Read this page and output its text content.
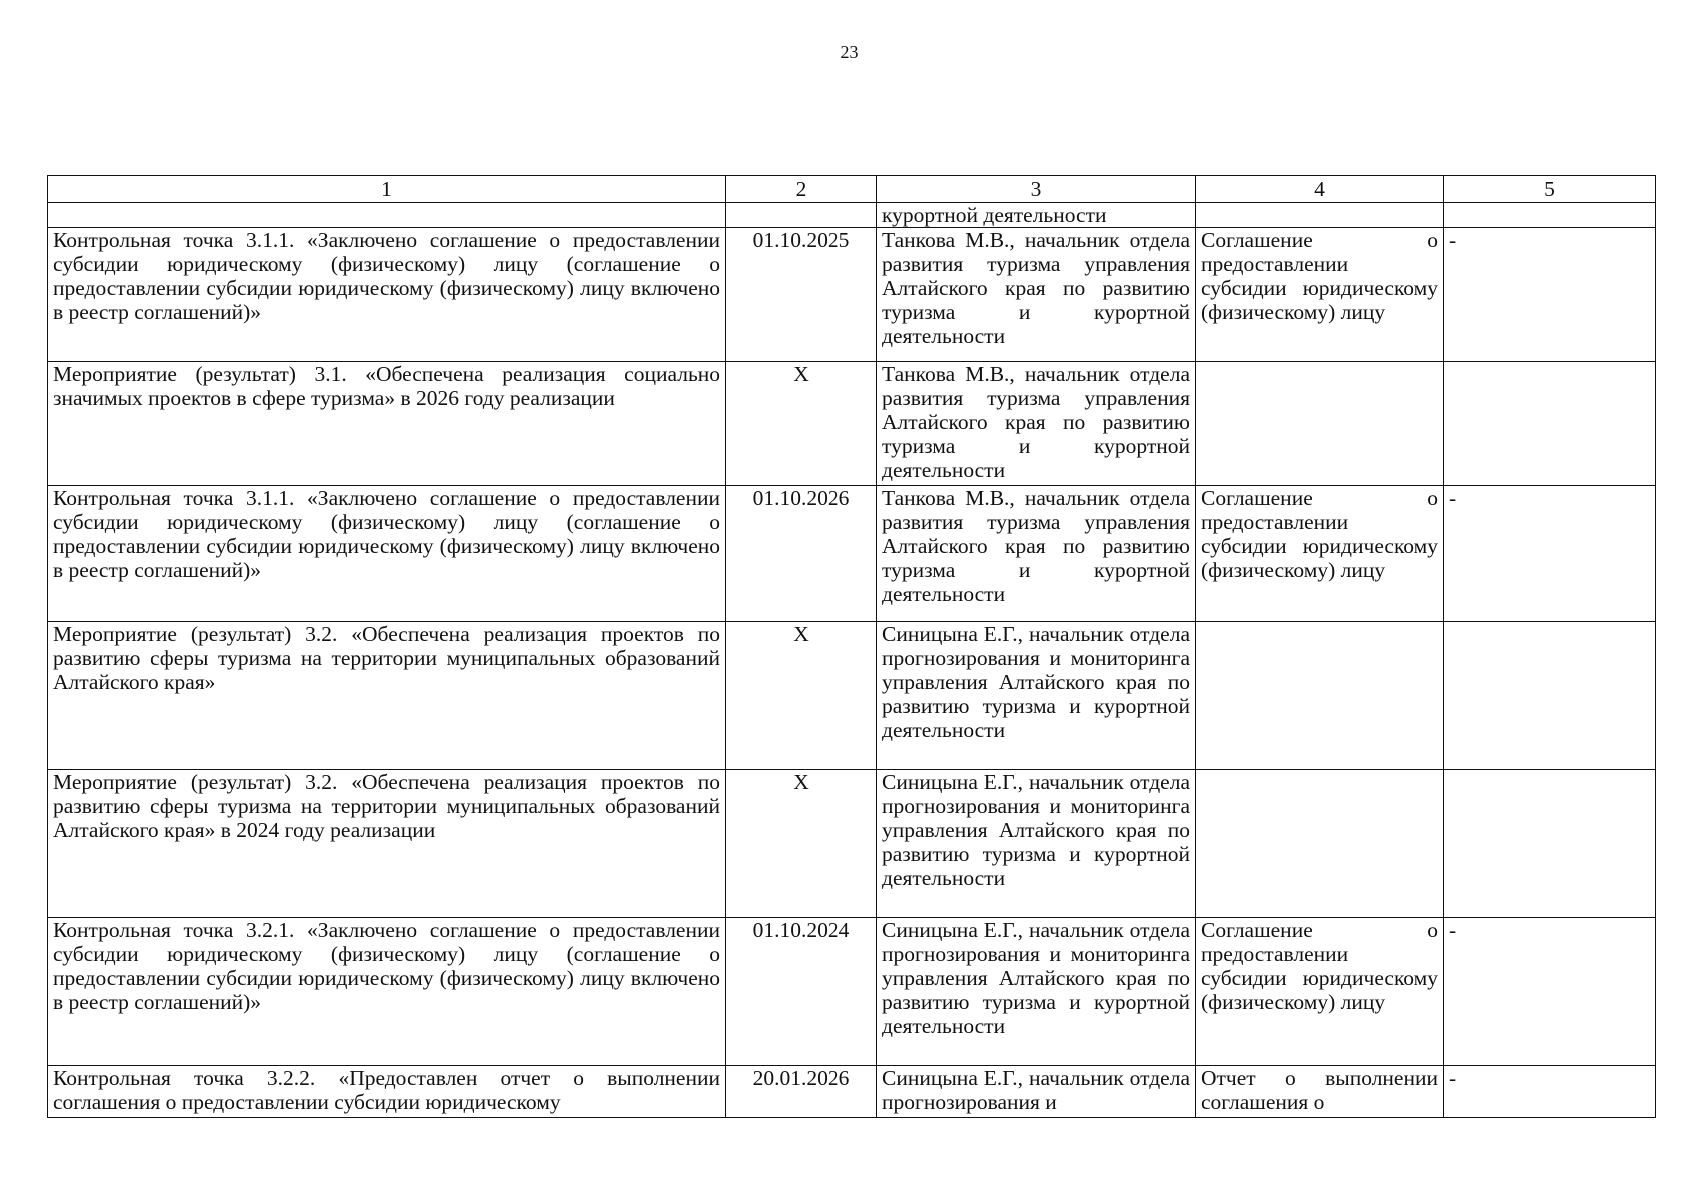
23
1	2	3	4	5
		курортной деятельности		
Контрольная точка 3.1.1. «Заключено соглашение о предоставлении субсидии юридическому (физическому) лицу (соглашение о предоставлении субсидии юридическому (физическому) лицу включено в реестр соглашений)»	01.10.2025	Танкова М.В., начальник отдела развития туризма управления Алтайского края по развитию туризма и курортной деятельности	Соглашение о предоставлении субсидии юридическому (физическому) лицу	-
Мероприятие (результат) 3.1. «Обеспечена реализация социально значимых проектов в сфере туризма» в 2026 году реализации	X	Танкова М.В., начальник отдела развития туризма управления Алтайского края по развитию туризма и курортной деятельности		
Контрольная точка 3.1.1. «Заключено соглашение о предоставлении субсидии юридическому (физическому) лицу (соглашение о предоставлении субсидии юридическому (физическому) лицу включено в реестр соглашений)»	01.10.2026	Танкова М.В., начальник отдела развития туризма управления Алтайского края по развитию туризма и курортной деятельности	Соглашение о предоставлении субсидии юридическому (физическому) лицу	-
Мероприятие (результат) 3.2. «Обеспечена реализация проектов по развитию сферы туризма на территории муниципальных образований Алтайского края»	X	Синицына Е.Г., начальник отдела прогнозирования и мониторинга управления Алтайского края по развитию туризма и курортной деятельности		
Мероприятие (результат) 3.2. «Обеспечена реализация проектов по развитию сферы туризма на территории муниципальных образований Алтайского края» в 2024 году реализации	X	Синицына Е.Г., начальник отдела прогнозирования и мониторинга управления Алтайского края по развитию туризма и курортной деятельности		
Контрольная точка 3.2.1. «Заключено соглашение о предоставлении субсидии юридическому (физическому) лицу (соглашение о предоставлении субсидии юридическому (физическому) лицу включено в реестр соглашений)»	01.10.2024	Синицына Е.Г., начальник отдела прогнозирования и мониторинга управления Алтайского края по развитию туризма и курортной деятельности	Соглашение о предоставлении субсидии юридическому (физическому) лицу	-
Контрольная точка 3.2.2. «Предоставлен отчет о выполнении соглашения о предоставлении субсидии юридическому	20.01.2026	Синицына Е.Г., начальник отдела прогнозирования и	Отчет о выполнении соглашения о	-
